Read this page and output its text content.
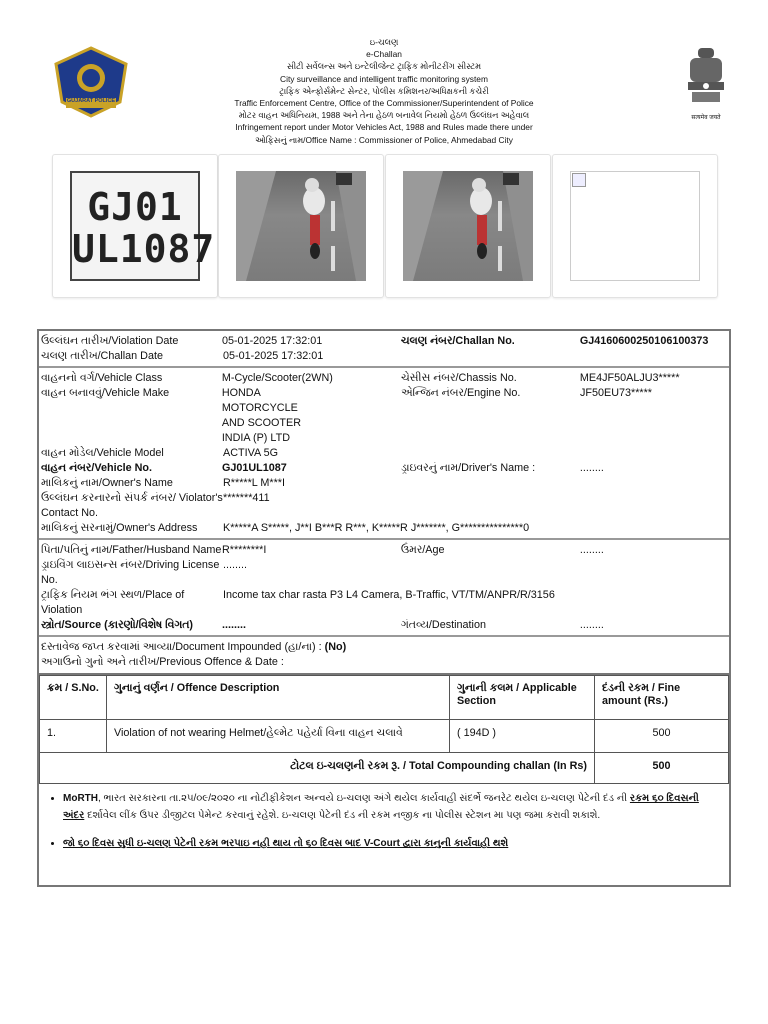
GUJARAT POLICE
सत्यमेव जयते
ઇ-ચલણ
e-Challan
સીટી સર્વેલન્સ અને ઇન્ટેલીજેન્ટ ટ્રાફિક મોનીટરીંગ સીસ્ટમ
City surveillance and intelligent traffic monitoring system
ટ્રાફિક એન્ફોર્સમેન્ટ સેન્ટર, પોલીસ કમિશનર/અધિક્ષકની કચેરી
Traffic Enforcement Centre, Office of the Commissioner/Superintendent of Police
મોટર વાહન અધિનિયમ, 1988 અને તેના હેઠળ બનાવેલ નિયમો હેઠળ ઉલ્લંઘન અહેવાલ
Infringement report under Motor Vehicles Act, 1988 and Rules made there under
ઓફિસનું નામ/Office Name : Commissioner of Police, Ahmedabad City
GJ01
UL1087
ઉલ્લંઘન તારીખ/Violation Date	05-01-2025 17:32:01	ચલણ નંબર/Challan No.	GJ4160600250106100373
ચલણ તારીખ/Challan Date	05-01-2025 17:32:01
વાહનનો વર્ગ/Vehicle Class	M-Cycle/Scooter(2WN)	ચેસીસ નંબર/Chassis No.	ME4JF50ALJU3*****
વાહન બનાવવું/Vehicle Make	HONDA MOTORCYCLE AND SCOOTER INDIA (P) LTD
એન્જિન નંબર/Engine No.	JF50EU73*****
વાહન મોડેલ/Vehicle Model	ACTIVA 5G
વાહન નંબર/Vehicle No.	GJ01UL1087	ડ્રાઇવરનું નામ/Driver's Name :	........
માલિકનું નામ/Owner's Name	R*****L M***I
ઉલ્લંઘન કરનારનો સંપર્ક નંબર/ Violator's Contact No.
*******411
માલિકનું સરનામું/Owner's Address	K*****A S*****, J**I B***R R***, K*****R J*******, G***************0
પિતા/પતિનું નામ/Father/Husband Name R********I	ઉંમર/Age	........
ડ્રાઇવિંગ લાઇસન્સ નંબર/Driving License No.
........
ટ્રાફિક નિયમ ભંગ સ્થળ/Place of Violation
Income tax char rasta P3 L4 Camera, B-Traffic, VT/TM/ANPR/R/3156
સ્ત્રોત/Source (કારણો/વિશેષ વિગત)	........	ગંતવ્ય/Destination	........
દસ્તાવેજ જપ્ત કરવામાં આવ્યા/Document Impounded (હા/ના) :
(No)
અગાઉનો ગુનો અને તારીખ/Previous Offence & Date :
ક્રમ / S.No.	ગુનાનું વર્ણન / Offence Description	ગુનાની કલમ / Applicable Section	દંડની રકમ / Fine amount (Rs.)
1.	Violation of not wearing Helmet/હેલ્મેટ પહેર્યા વિના વાહન ચલાવે	( 194D )	500
ટોટલ ઇ-ચલણની રકમ રૂ. / Total Compounding challan (In Rs)			500
• MoRTH, ભારત સરકારના તા.૨૫/૦૯/૨૦૨૦ ના નોટીફીકેશન અન્વયે ઇ-ચલણ અંગે થયેલ કાર્યવાહી સંદર્ભે જનરેટ થયેલ ઇ-ચલણ પેટેની દંડ ની રકમ ૬૦ દિવસની અંદર દર્શાવેલ લીંક ઉપર ડીજીટલ પેમેન્ટ કરવાનું રહેશે. ઇ-ચલણ પેટેની દંડ ની રકમ નજીક ના પોલીસ સ્ટેશન મા પણ જમા કરાવી શકાશે.
• જો ૬૦ દિવસ સુધી ઇ-ચલણ પેટેની રકમ ભરપાઇ નહી થાય તો ૬૦ દિવસ બાદ V-Court દ્વારા કાનુની કાર્યવાહી થશે
